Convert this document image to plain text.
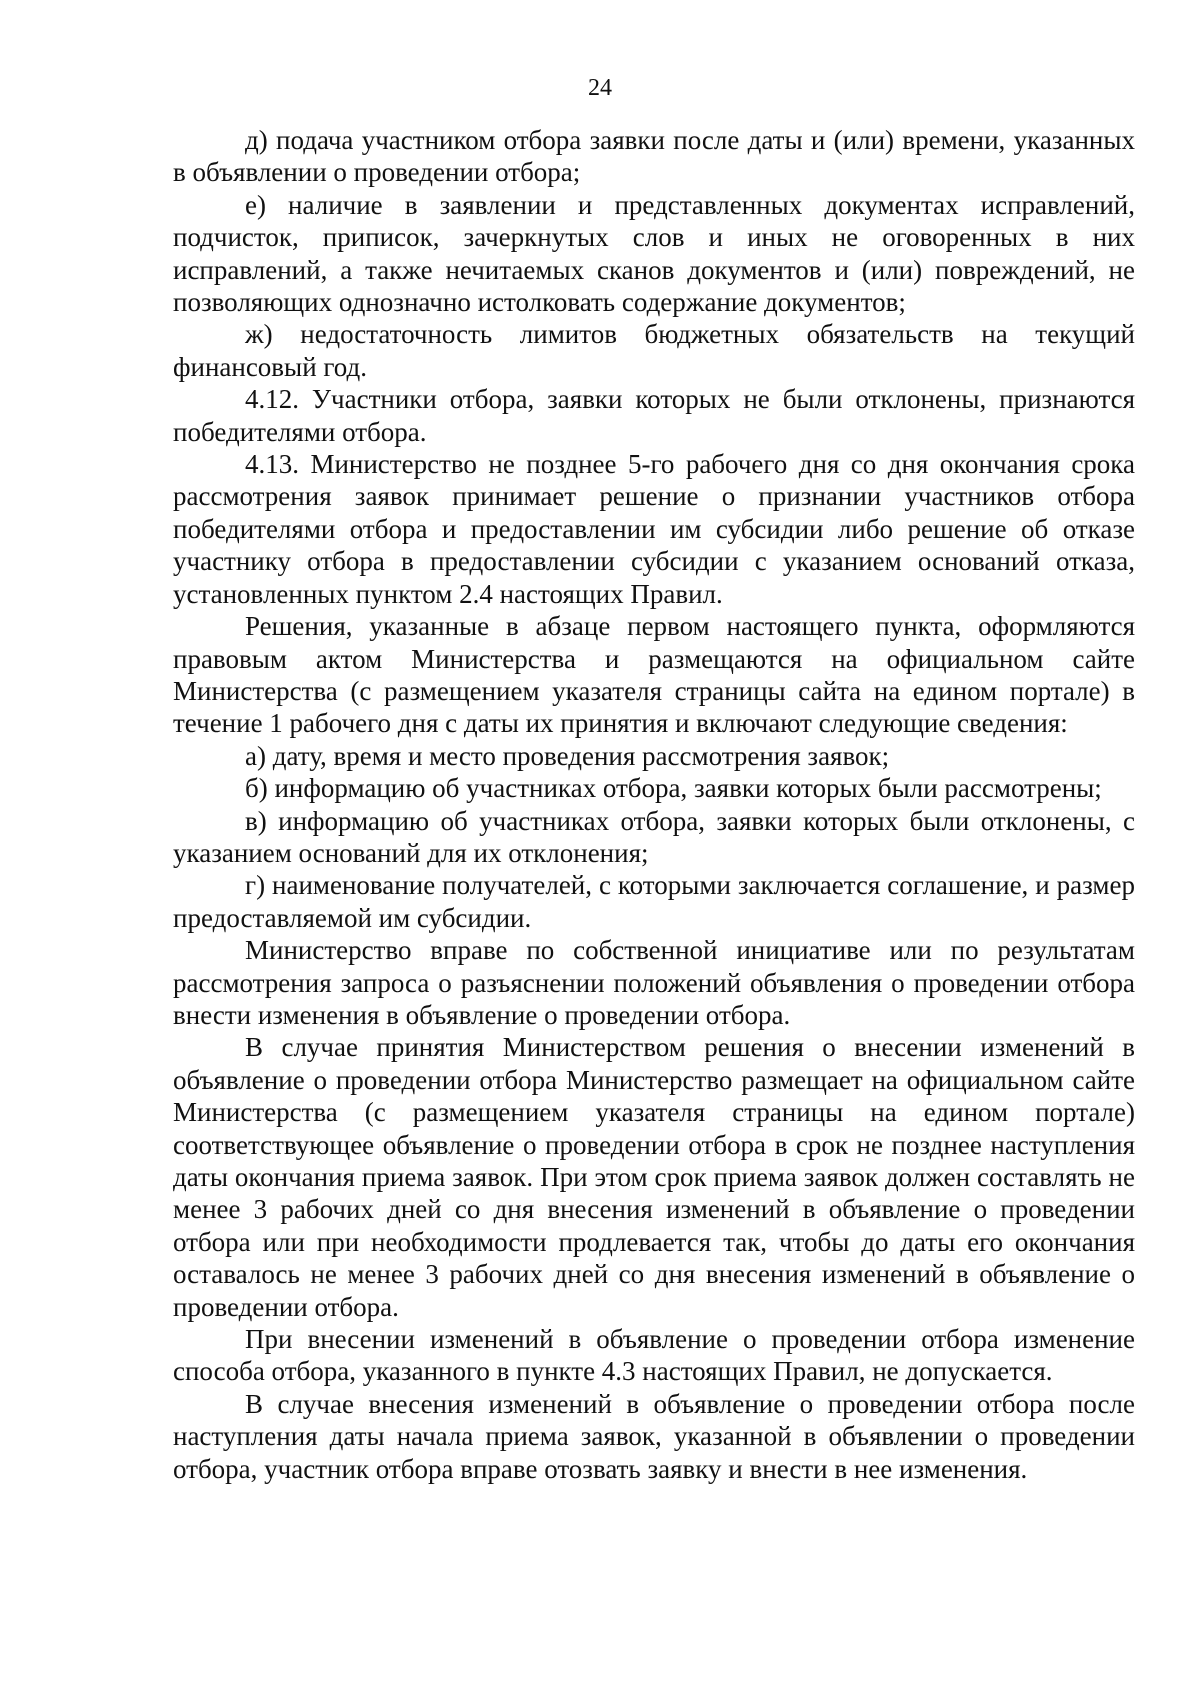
24

д) подача участником отбора заявки после даты и (или) времени, указанных в объявлении о проведении отбора;

е) наличие в заявлении и представленных документах исправлений, подчисток, приписок, зачеркнутых слов и иных не оговоренных в них исправлений, а также нечитаемых сканов документов и (или) повреждений, не позволяющих однозначно истолковать содержание документов;

ж) недостаточность лимитов бюджетных обязательств на текущий финансовый год.

4.12. Участники отбора, заявки которых не были отклонены, признаются победителями отбора.

4.13. Министерство не позднее 5-го рабочего дня со дня окончания срока рассмотрения заявок принимает решение о признании участников отбора победителями отбора и предоставлении им субсидии либо решение об отказе участнику отбора в предоставлении субсидии с указанием оснований отказа, установленных пунктом 2.4 настоящих Правил.

Решения, указанные в абзаце первом настоящего пункта, оформляются правовым актом Министерства и размещаются на официальном сайте Министерства (с размещением указателя страницы сайта на едином портале) в течение 1 рабочего дня с даты их принятия и включают следующие сведения:

а) дату, время и место проведения рассмотрения заявок;

б) информацию об участниках отбора, заявки которых были рассмотрены;

в) информацию об участниках отбора, заявки которых были отклонены, с указанием оснований для их отклонения;

г) наименование получателей, с которыми заключается соглашение, и размер предоставляемой им субсидии.

Министерство вправе по собственной инициативе или по результатам рассмотрения запроса о разъяснении положений объявления о проведении отбора внести изменения в объявление о проведении отбора.

В случае принятия Министерством решения о внесении изменений в объявление о проведении отбора Министерство размещает на официальном сайте Министерства (с размещением указателя страницы на едином портале) соответствующее объявление о проведении отбора в срок не позднее наступления даты окончания приема заявок. При этом срок приема заявок должен составлять не менее 3 рабочих дней со дня внесения изменений в объявление о проведении отбора или при необходимости продлевается так, чтобы до даты его окончания оставалось не менее 3 рабочих дней со дня внесения изменений в объявление о проведении отбора.

При внесении изменений в объявление о проведении отбора изменение способа отбора, указанного в пункте 4.3 настоящих Правил, не допускается.

В случае внесения изменений в объявление о проведении отбора после наступления даты начала приема заявок, указанной в объявлении о проведении отбора, участник отбора вправе отозвать заявку и внести в нее изменения.
